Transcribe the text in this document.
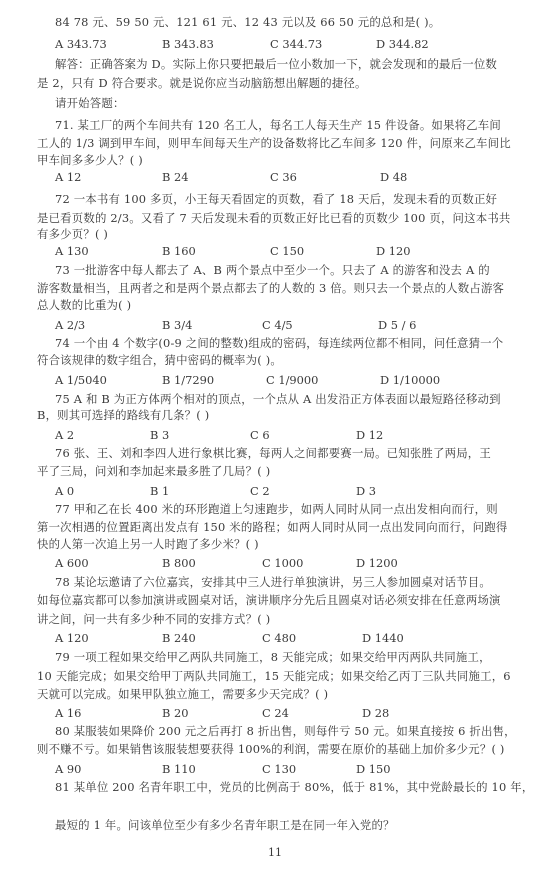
84 78 元、59 50 元、121 61 元、12 43 元以及 66 50 元的总和是( )。
A 343.73	B 343.83	C 344.73	D 344.82
解答：正确答案为 D。实际上你只要把最后一位小数加一下，就会发现和的最后一位数
是 2，只有 D 符合要求。就是说你应当动脑筋想出解题的捷径。
请开始答题：
71. 某工厂的两个车间共有 120 名工人，每名工人每天生产 15 件设备。如果将乙车间
工人的 1/3 调到甲车间，则甲车间每天生产的设备数将比乙车间多 120 件，问原来乙车间比
甲车间多多少人？( )
A 12	B 24	C 36	D 48
72 一本书有 100 多页，小王每天看固定的页数，看了 18 天后，发现未看的页数正好
是已看页数的 2/3。又看了 7 天后发现未看的页数正好比已看的页数少 100 页，问这本书共
有多少页？( )
A 130	B 160	C 150	D 120
73 一批游客中每人都去了 A、B 两个景点中至少一个。只去了 A 的游客和没去 A 的
游客数量相当，且两者之和是两个景点都去了的人数的 3 倍。则只去一个景点的人数占游客
总人数的比重为( )
A 2/3	B 3/4	C 4/5	D 5 / 6
74 一个由 4 个数字(0-9 之间的整数)组成的密码，每连续两位都不相同，问任意猜一个
符合该规律的数字组合，猜中密码的概率为( )。
A 1/5040	B 1/7290	C 1/9000	D 1/10000
75 A 和 B 为正方体两个相对的顶点，一个点从 A 出发沿正方体表面以最短路径移动到
B，则其可选择的路线有几条？( )
A 2	B 3	C 6	D 12
76 张、王、刘和李四人进行象棋比赛，每两人之间都要赛一局。已知张胜了两局，王
平了三局，问刘和李加起来最多胜了几局？( )
A 0	B 1	C 2	D 3
77 甲和乙在长 400 米的环形跑道上匀速跑步，如两人同时从同一点出发相向而行，则
第一次相遇的位置距离出发点有 150 米的路程；如两人同时从同一点出发同向而行，问跑得
快的人第一次追上另一人时跑了多少米？( )
A 600	B 800	C 1000	D 1200
78 某论坛邀请了六位嘉宾，安排其中三人进行单独演讲，另三人参加圆桌对话节目。
如每位嘉宾都可以参加演讲或圆桌对话，演讲顺序分先后且圆桌对话必须安排在任意两场演
讲之间，问一共有多少种不同的安排方式？( )
A 120	B 240	C 480	D 1440
79 一项工程如果交给甲乙两队共同施工，8 天能完成；如果交给甲丙两队共同施工，
10 天能完成；如果交给甲丁两队共同施工，15 天能完成；如果交给乙丙丁三队共同施工，6
天就可以完成。如果甲队独立施工，需要多少天完成？( )
A 16	B 20	C 24	D 28
80 某服装如果降价 200 元之后再打 8 折出售，则每件亏 50 元。如果直接按 6 折出售，
则不赚不亏。如果销售该服装想要获得 100%的利润，需要在原价的基础上加价多少元？( )
A 90	B 110	C 130	D 150
81 某单位 200 名青年职工中，党员的比例高于 80%，低于 81%，其中党龄最长的 10 年，
最短的 1 年。问该单位至少有多少名青年职工是在同一年入党的？
11
